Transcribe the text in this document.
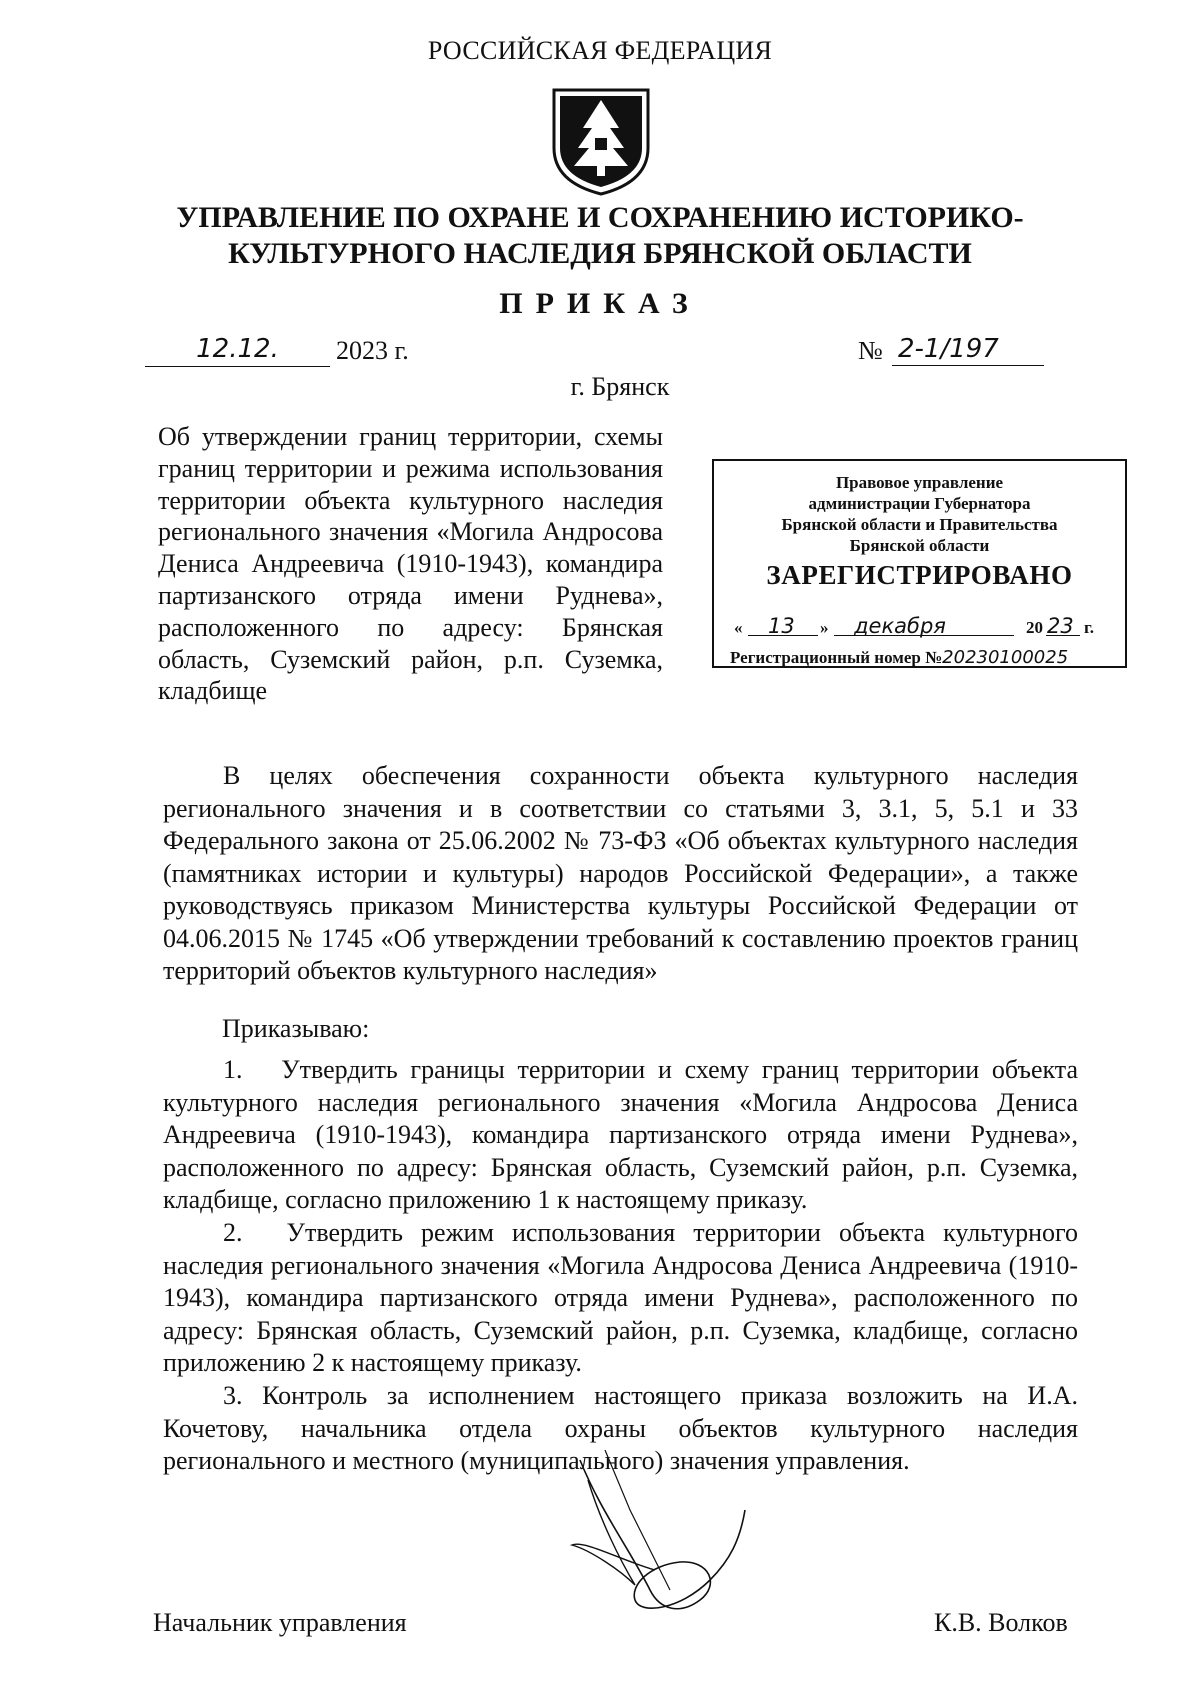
РОССИЙСКАЯ ФЕДЕРАЦИЯ
УПРАВЛЕНИЕ ПО ОХРАНЕ И СОХРАНЕНИЮ ИСТОРИКО-
КУЛЬТУРНОГО НАСЛЕДИЯ БРЯНСКОЙ ОБЛАСТИ
ПРИКАЗ
12.12.	2023 г.	№ 2-1/197
г. Брянск
Об утверждении границ территории, схемы границ территории и режима использования территории объекта культурного наследия регионального значения «Могила Андросова Дениса Андреевича (1910-1943), командира партизанского отряда имени Руднева», расположенного по адресу: Брянская область, Суземский район, р.п. Суземка, кладбище
Правовое управление
администрации Губернатора
Брянской области и Правительства
Брянской области
ЗАРЕГИСТРИРОВАНО
« 13 » декабря	20 23 г.
Регистрационный номер №20230100025
В целях обеспечения сохранности объекта культурного наследия регионального значения и в соответствии со статьями 3, 3.1, 5, 5.1 и 33 Федерального закона от 25.06.2002 № 73-ФЗ «Об объектах культурного наследия (памятниках истории и культуры) народов Российской Федерации», а также руководствуясь приказом Министерства культуры Российской Федерации от 04.06.2015 № 1745 «Об утверждении требований к составлению проектов границ территорий объектов культурного наследия»
Приказываю:
1.  Утвердить границы территории и схему границ территории объекта культурного наследия регионального значения «Могила Андросова Дениса Андреевича (1910-1943), командира партизанского отряда имени Руднева», расположенного по адресу: Брянская область, Суземский район, р.п. Суземка, кладбище, согласно приложению 1 к настоящему приказу.
2.  Утвердить режим использования территории объекта культурного наследия регионального значения «Могила Андросова Дениса Андреевича (1910-1943), командира партизанского отряда имени Руднева», расположенного по адресу: Брянская область, Суземский район, р.п. Суземка, кладбище, согласно приложению 2 к настоящему приказу.
3. Контроль за исполнением настоящего приказа возложить на И.А. Кочетову, начальника отдела охраны объектов культурного наследия регионального и местного (муниципального) значения управления.
Начальник управления	К.В. Волков
